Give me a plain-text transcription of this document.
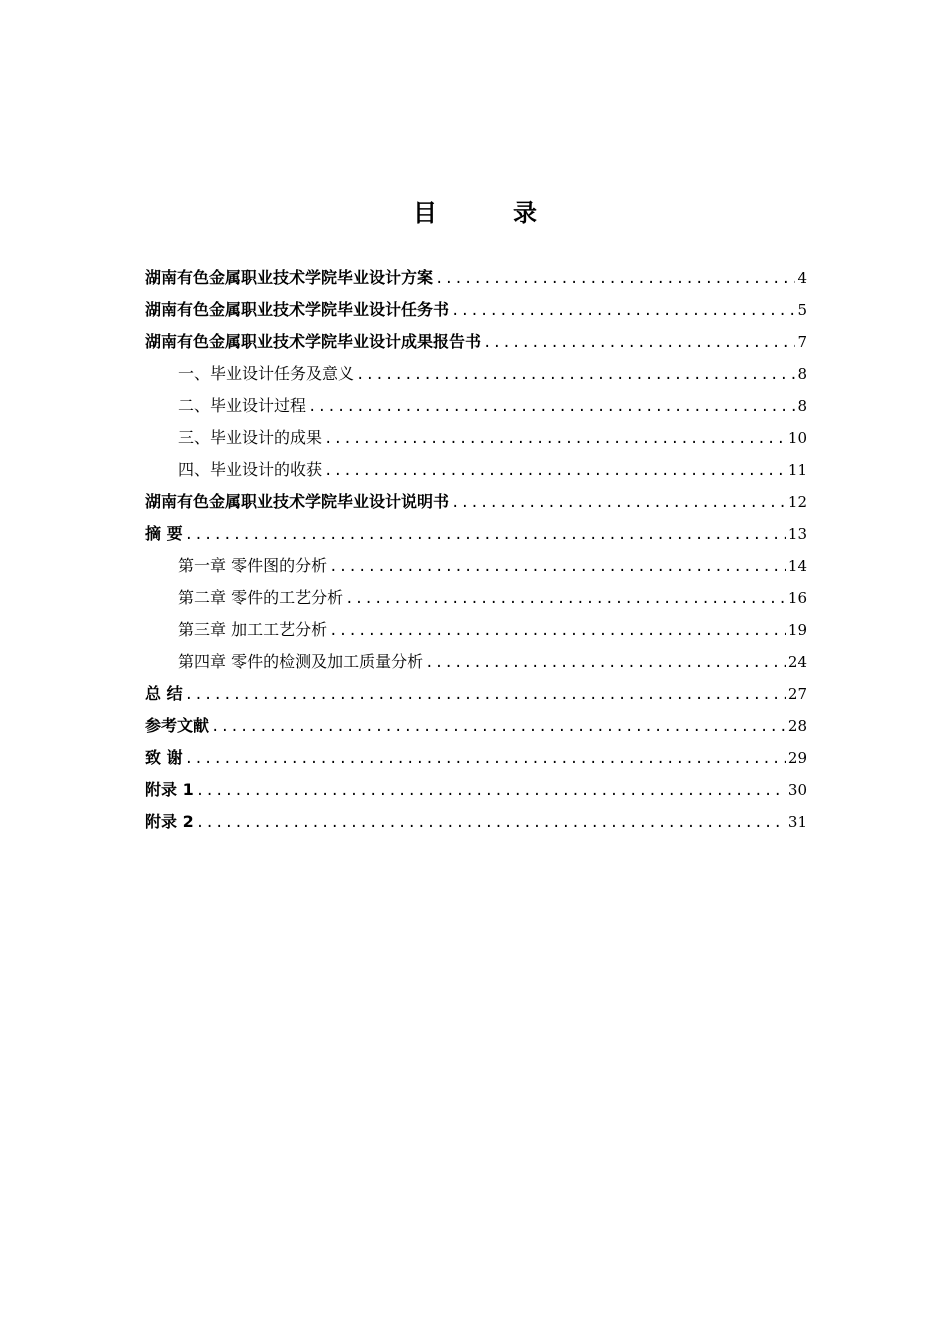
目　录
湖南有色金属职业技术学院毕业设计方案 .....	4
湖南有色金属职业技术学院毕业设计任务书 .....	5
湖南有色金属职业技术学院毕业设计成果报告书 .....	7
一、毕业设计任务及意义 .....	8
二、毕业设计过程 .....	8
三、毕业设计的成果 .....	10
四、毕业设计的收获 .....	11
湖南有色金属职业技术学院毕业设计说明书 .....	12
摘 要 .....	13
第一章 零件图的分析 .....	14
第二章 零件的工艺分析 .....	16
第三章 加工工艺分析 .....	19
第四章 零件的检测及加工质量分析 .....	24
总 结 .....	27
参考文献 .....	28
致 谢 .....	29
附录 1 .....	30
附录 2 .....	31
